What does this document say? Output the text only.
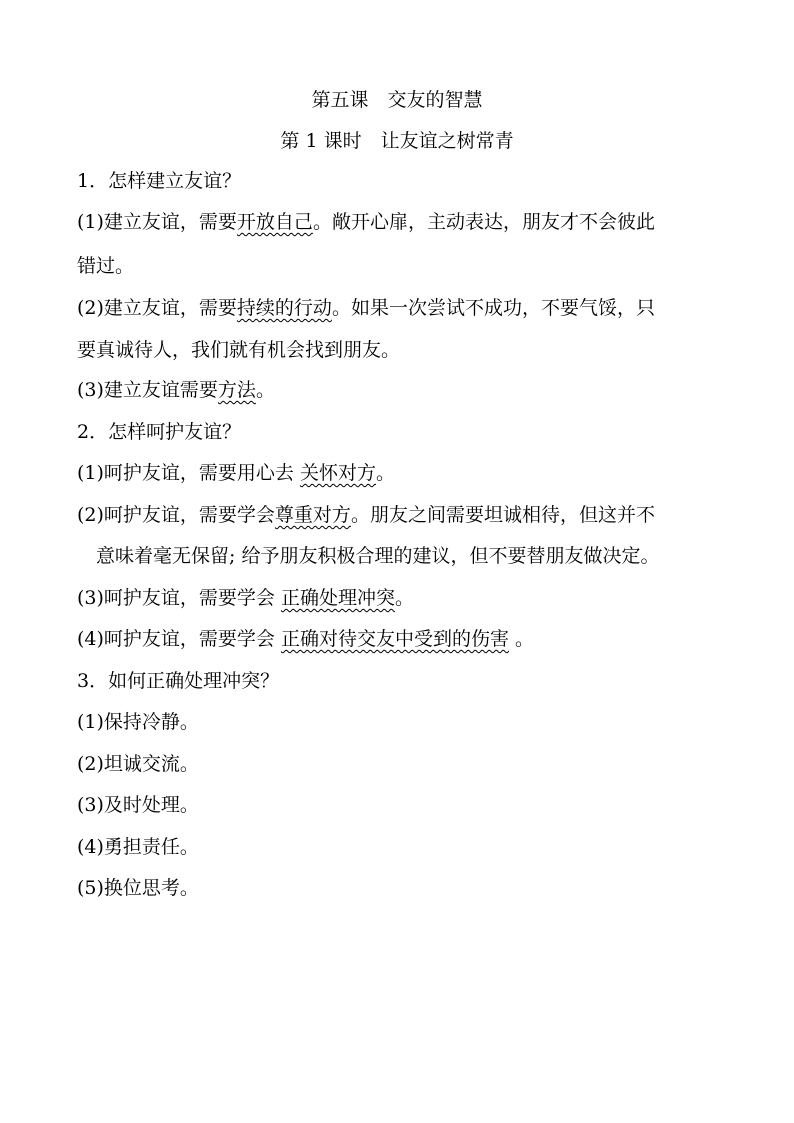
第五课　交友的智慧
第 1 课时　让友谊之树常青
1．怎样建立友谊？
(1)建立友谊，需要开放自己。敞开心扉，主动表达，朋友才不会彼此
错过。
(2)建立友谊，需要持续的行动。如果一次尝试不成功，不要气馁，只
要真诚待人，我们就有机会找到朋友。
(3)建立友谊需要方法。
2．怎样呵护友谊？
(1)呵护友谊，需要用心去 关怀对方。
(2)呵护友谊，需要学会尊重对方。朋友之间需要坦诚相待，但这并不
意味着毫无保留; 给予朋友积极合理的建议，但不要替朋友做决定。
(3)呵护友谊，需要学会 正确处理冲突。
(4)呵护友谊，需要学会 正确对待交友中受到的伤害 。
3．如何正确处理冲突？
(1)保持冷静。
(2)坦诚交流。
(3)及时处理。
(4)勇担责任。
(5)换位思考。
